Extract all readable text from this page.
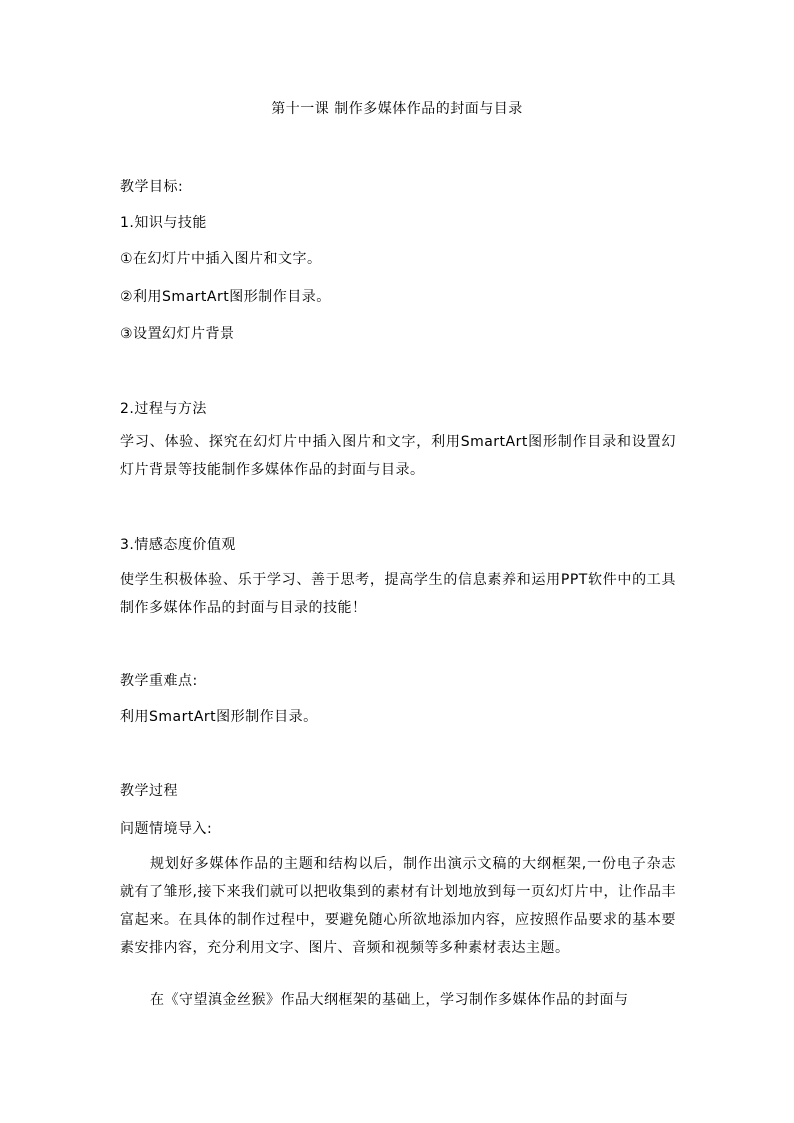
第十一课 制作多媒体作品的封面与目录
教学目标:
1.知识与技能
①在幻灯片中插入图片和文字。
②利用SmartArt图形制作目录。
③设置幻灯片背景
2.过程与方法
学习、体验、探究在幻灯片中插入图片和文字，利用SmartArt图形制作目录和设置幻灯片背景等技能制作多媒体作品的封面与目录。
3.情感态度价值观
使学生积极体验、乐于学习、善于思考，提高学生的信息素养和运用PPT软件中的工具制作多媒体作品的封面与目录的技能！
教学重难点:
利用SmartArt图形制作目录。
教学过程
问题情境导入:
规划好多媒体作品的主题和结构以后，制作出演示文稿的大纲框架,一份电子杂志就有了雏形,接下来我们就可以把收集到的素材有计划地放到每一页幻灯片中，让作品丰富起来。在具体的制作过程中，要避免随心所欲地添加内容，应按照作品要求的基本要素安排内容，充分利用文字、图片、音频和视频等多种素材表达主题。
在《守望滇金丝猴》作品大纲框架的基础上，学习制作多媒体作品的封面与
